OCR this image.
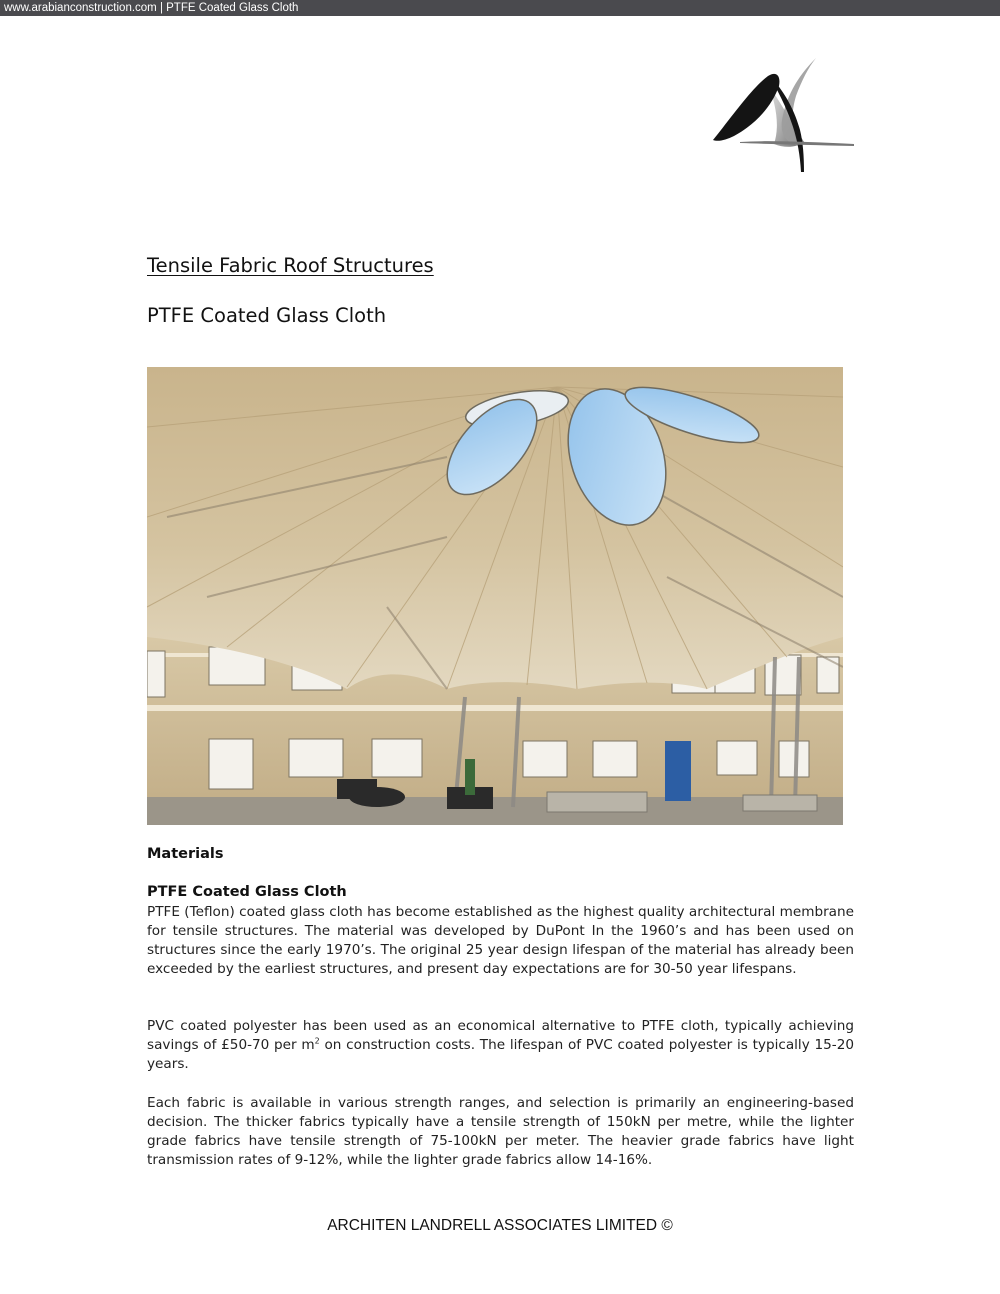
www.arabianconstruction.com | PTFE Coated Glass Cloth
Tensile Fabric Roof Structures
PTFE Coated Glass Cloth
Materials
PTFE Coated Glass Cloth

PTFE (Teflon) coated glass cloth has become established as the highest quality architectural membrane for tensile structures. The material was developed by DuPont In the 1960’s and has been used on structures since the early 1970’s. The original 25 year design lifespan of the material has already been exceeded by the earliest structures, and present day expectations are for 30-50 year lifespans.

PVC coated polyester has been used as an economical alternative to PTFE cloth, typically achieving savings of £50-70 per $m^2$ on construction costs. The lifespan of PVC coated polyester is typically 15-20 years.

Each fabric is available in various strength ranges, and selection is primarily an engineering-based decision. The thicker fabrics typically have a tensile strength of 150kN per metre, while the lighter grade fabrics have tensile strength of 75-100kN per meter. The heavier grade fabrics have light transmission rates of 9-12%, while the lighter grade fabrics allow 14-16%.

ARCHITEN LANDRELL ASSOCIATES LIMITED ©
